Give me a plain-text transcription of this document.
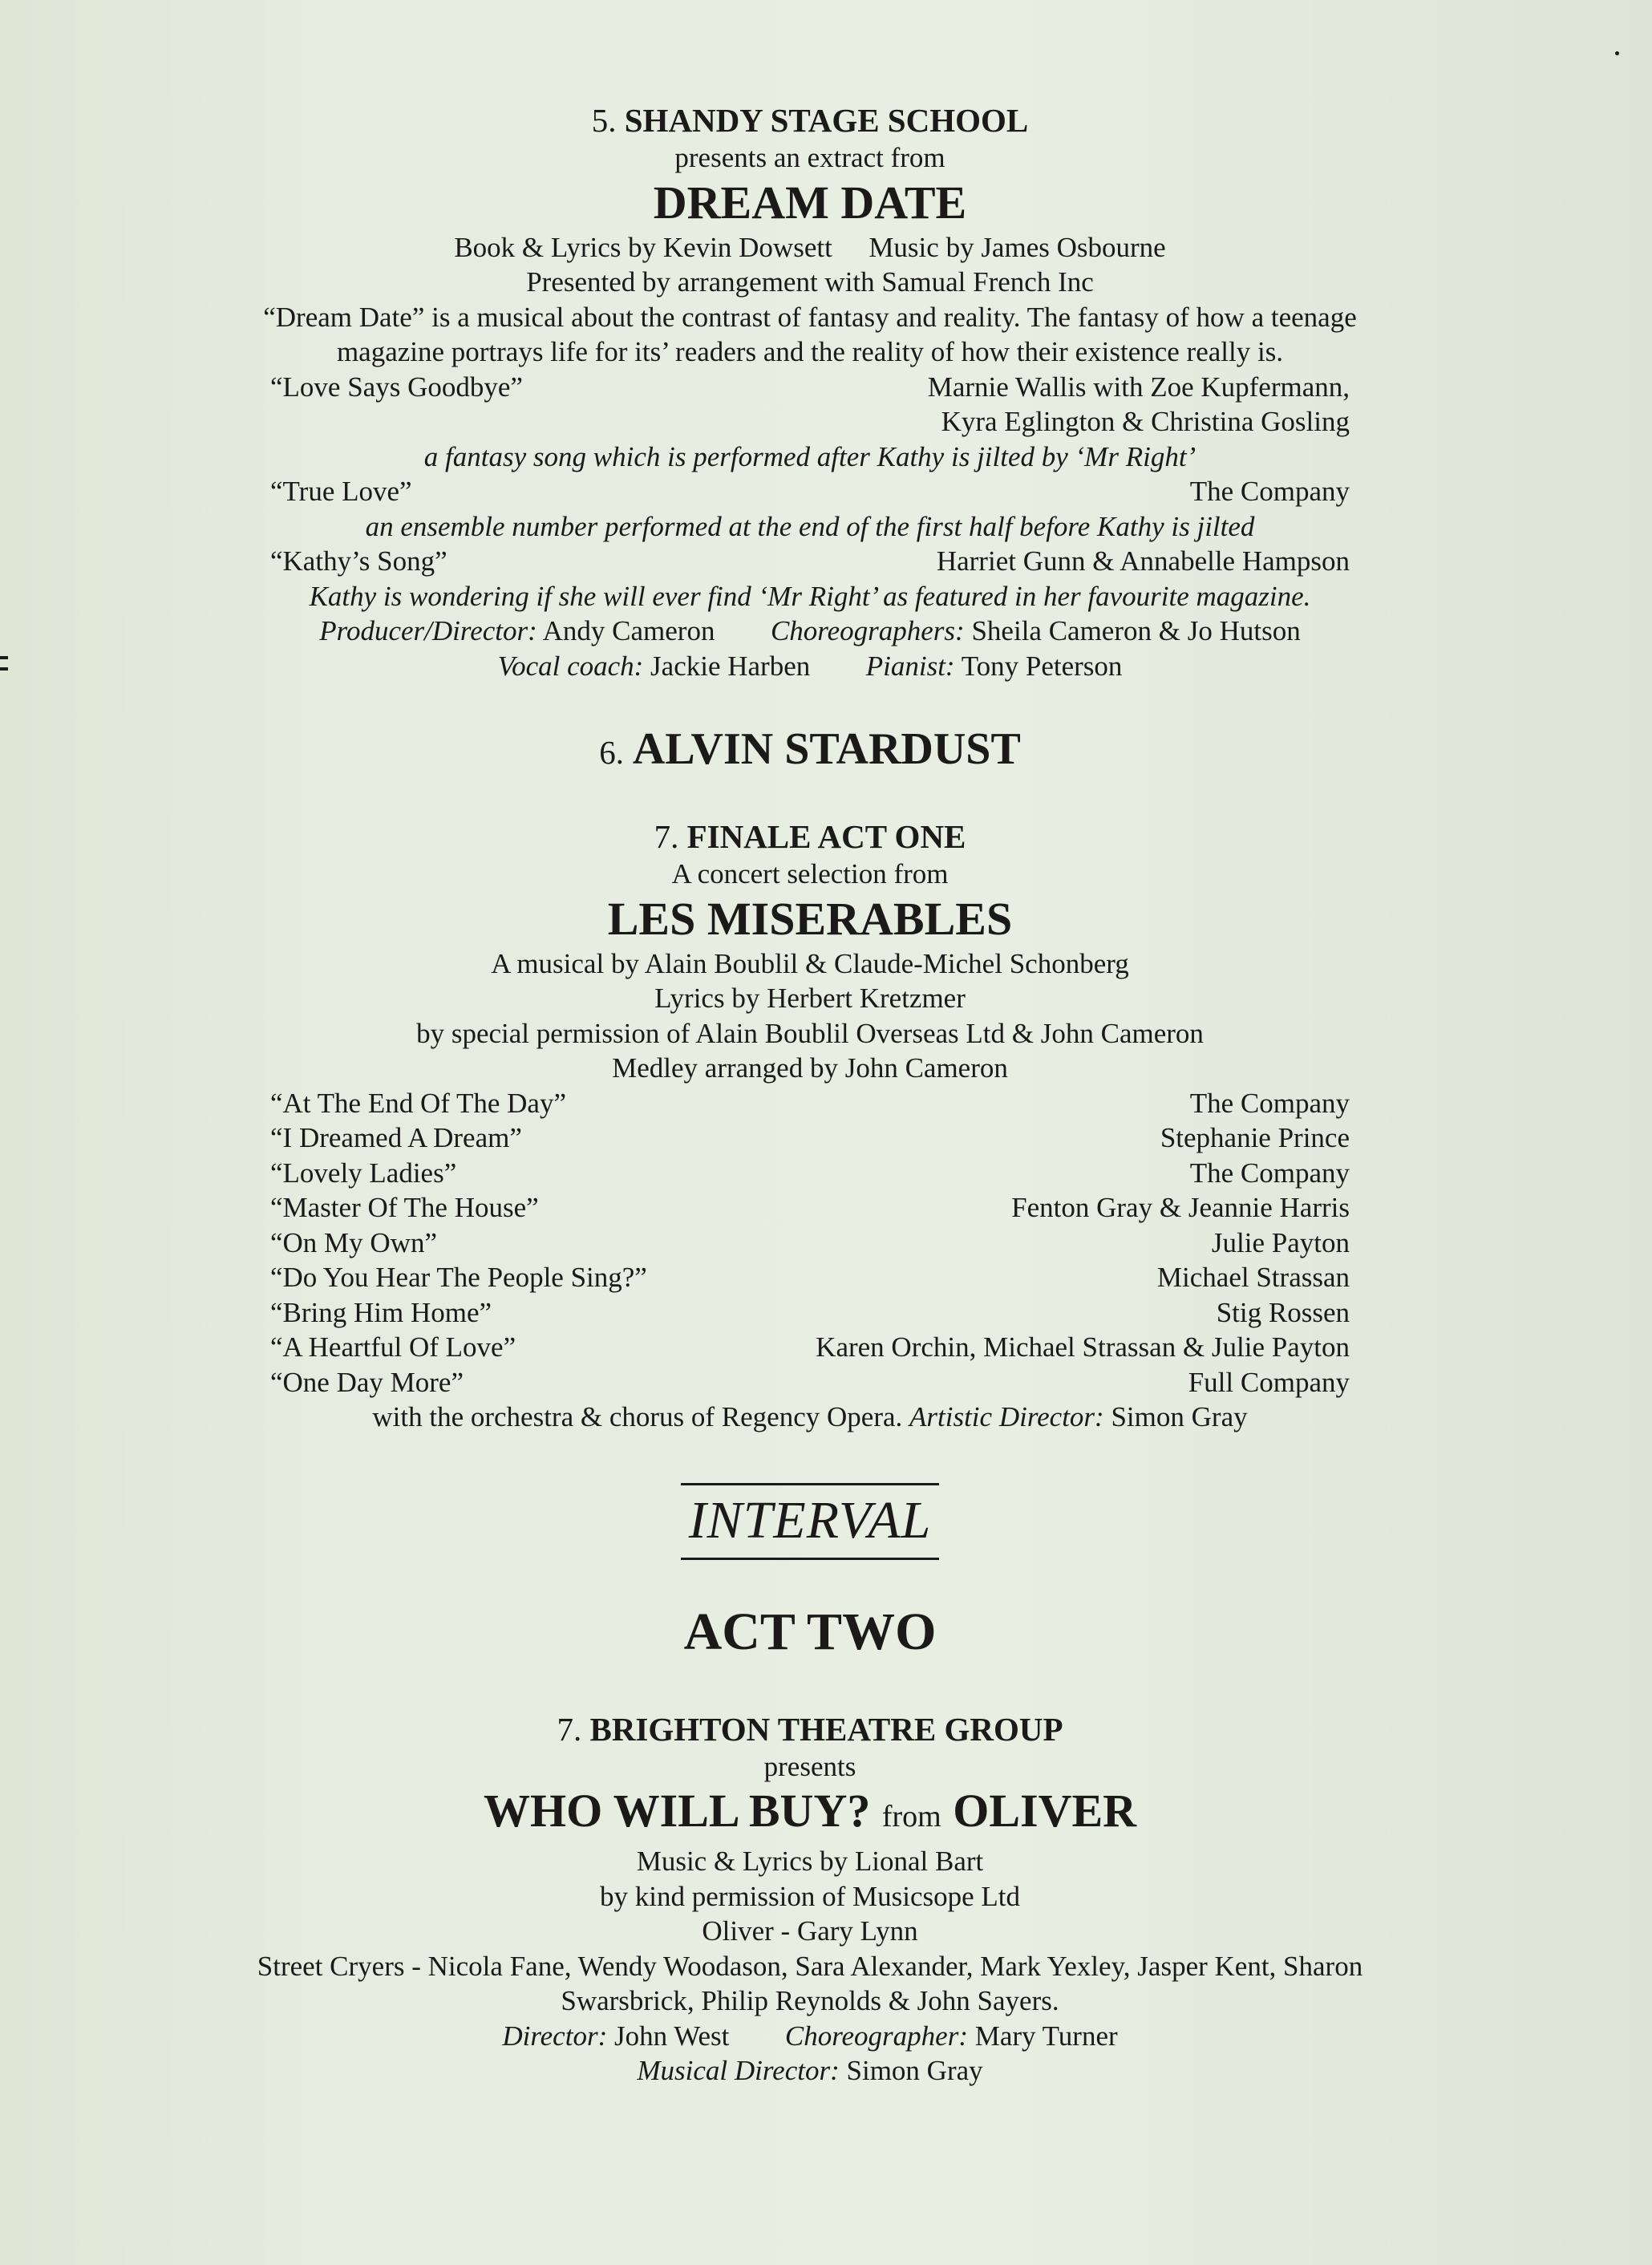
5. SHANDY STAGE SCHOOL
presents an extract from
DREAM DATE
Book & Lyrics by Kevin Dowsett Music by James Osbourne
Presented by arrangement with Samual French Inc
“Dream Date” is a musical about the contrast of fantasy and reality. The fantasy of how a teenage
magazine portrays life for its’ readers and the reality of how their existence really is.
“Love Says Goodbye”	Marnie Wallis with Zoe Kupfermann,
Kyra Eglington & Christina Gosling
a fantasy song which is performed after Kathy is jilted by ‘Mr Right’
“True Love”	The Company
an ensemble number performed at the end of the first half before Kathy is jilted
“Kathy’s Song”	Harriet Gunn & Annabelle Hampson
Kathy is wondering if she will ever find ‘Mr Right’ as featured in her favourite magazine.
Producer/Director: Andy Cameron Choreographers: Sheila Cameron & Jo Hutson
Vocal coach: Jackie Harben Pianist: Tony Peterson
6. ALVIN STARDUST
7. FINALE ACT ONE
A concert selection from
LES MISERABLES
A musical by Alain Boublil & Claude-Michel Schonberg
Lyrics by Herbert Kretzmer
by special permission of Alain Boublil Overseas Ltd & John Cameron
Medley arranged by John Cameron
“At The End Of The Day”	The Company
“I Dreamed A Dream”	Stephanie Prince
“Lovely Ladies”	The Company
“Master Of The House”	Fenton Gray & Jeannie Harris
“On My Own”	Julie Payton
“Do You Hear The People Sing?”	Michael Strassan
“Bring Him Home”	Stig Rossen
“A Heartful Of Love”	Karen Orchin, Michael Strassan & Julie Payton
“One Day More”	Full Company
with the orchestra & chorus of Regency Opera. Artistic Director: Simon Gray
INTERVAL
ACT TWO
7. BRIGHTON THEATRE GROUP
presents
WHO WILL BUY? from OLIVER
Music & Lyrics by Lional Bart
by kind permission of Musicsope Ltd
Oliver - Gary Lynn
Street Cryers - Nicola Fane, Wendy Woodason, Sara Alexander, Mark Yexley, Jasper Kent, Sharon
Swarsbrick, Philip Reynolds & John Sayers.
Director: John West Choreographer: Mary Turner
Musical Director: Simon Gray
